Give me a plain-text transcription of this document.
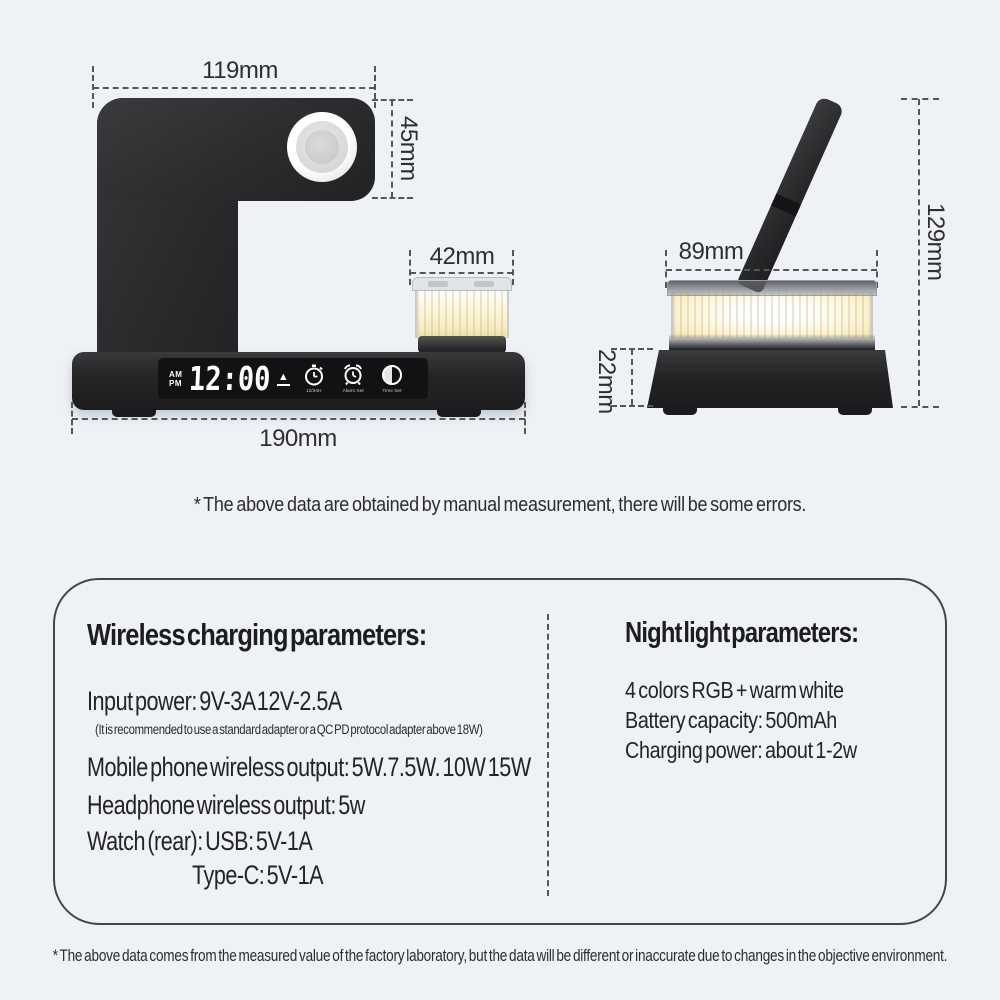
119mm
45mm
42mm
AM
PM 12:00 ▲
12/24H	Alarm Set	Time Set
190mm
89mm
22mm
129mm
* The above data are obtained by manual measurement, there will be some errors.
Wireless charging parameters:
Input power: 9V-3A 12V-2.5A
(It is recommended to use a standard adapter or a QC PD protocol adapter above 18W)
Mobile phone wireless output: 5W.7.5W. 10W 15W
Headphone wireless output: 5w
Watch (rear): USB: 5V-1A
Type-C: 5V-1A
Night light parameters:
4 colors RGB + warm white
Battery capacity: 500mAh
Charging power: about 1-2w
* The above data comes from the measured value of the factory laboratory, but the data will be different or inaccurate due to changes in the objective environment.
